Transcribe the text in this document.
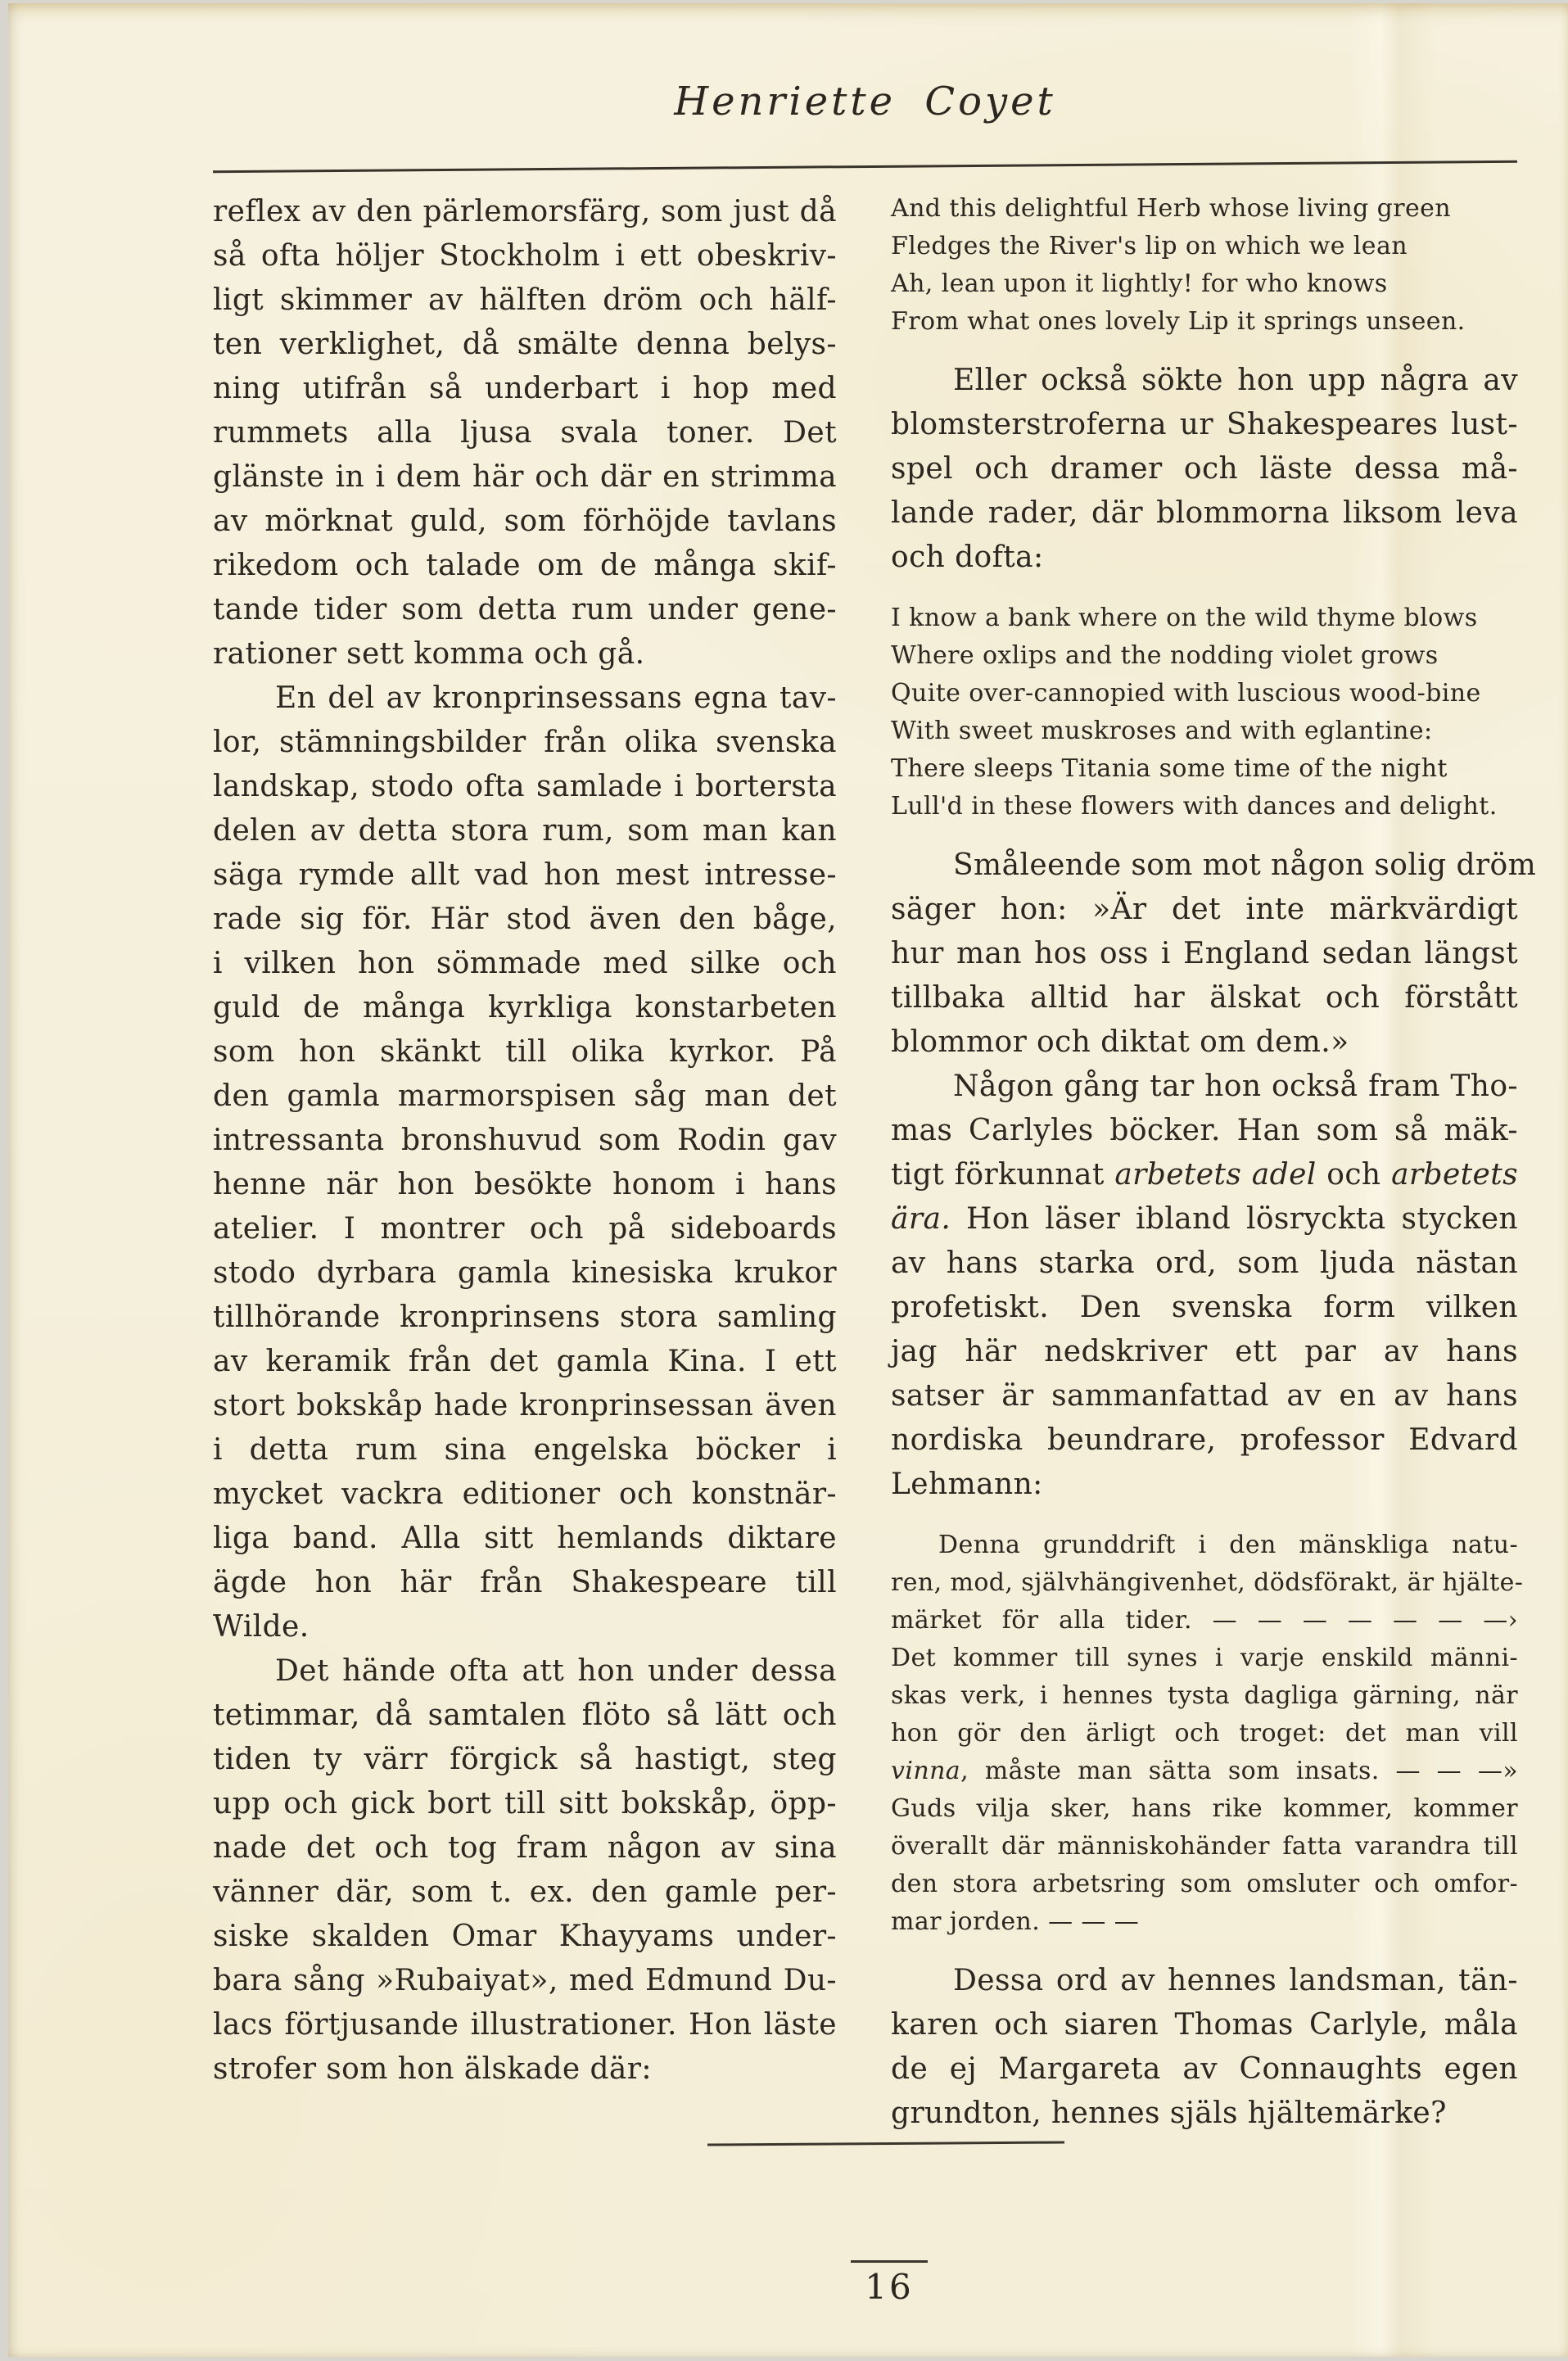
Henriette Coyet
reflex av den pärlemorsfärg, som just då
så ofta höljer Stockholm i ett obeskriv-
ligt skimmer av hälften dröm och hälf-
ten verklighet, då smälte denna belys-
ning utifrån så underbart i hop med
rummets alla ljusa svala toner. Det
glänste in i dem här och där en strimma
av mörknat guld, som förhöjde tavlans
rikedom och talade om de många skif-
tande tider som detta rum under gene-
rationer sett komma och gå.
En del av kronprinsessans egna tav-
lor, stämningsbilder från olika svenska
landskap, stodo ofta samlade i bortersta
delen av detta stora rum, som man kan
säga rymde allt vad hon mest intresse-
rade sig för. Här stod även den båge,
i vilken hon sömmade med silke och
guld de många kyrkliga konstarbeten
som hon skänkt till olika kyrkor. På
den gamla marmorspisen såg man det
intressanta bronshuvud som Rodin gav
henne när hon besökte honom i hans
atelier. I montrer och på sideboards
stodo dyrbara gamla kinesiska krukor
tillhörande kronprinsens stora samling
av keramik från det gamla Kina. I ett
stort bokskåp hade kronprinsessan även
i detta rum sina engelska böcker i
mycket vackra editioner och konstnär-
liga band. Alla sitt hemlands diktare
ägde hon här från Shakespeare till
Wilde.
Det hände ofta att hon under dessa
tetimmar, då samtalen flöto så lätt och
tiden ty värr förgick så hastigt, steg
upp och gick bort till sitt bokskåp, öpp-
nade det och tog fram någon av sina
vänner där, som t. ex. den gamle per-
siske skalden Omar Khayyams under-
bara sång »Rubaiyat», med Edmund Du-
lacs förtjusande illustrationer. Hon läste
strofer som hon älskade där:
And this delightful Herb whose living green
Fledges the River's lip on which we lean
Ah, lean upon it lightly! for who knows
From what ones lovely Lip it springs unseen.
Eller också sökte hon upp några av
blomsterstroferna ur Shakespeares lust-
spel och dramer och läste dessa må-
lande rader, där blommorna liksom leva
och dofta:
I know a bank where on the wild thyme blows
Where oxlips and the nodding violet grows
Quite over-cannopied with luscious wood-bine
With sweet muskroses and with eglantine:
There sleeps Titania some time of the night
Lull'd in these flowers with dances and delight.
Småleende som mot någon solig dröm
säger hon: »Är det inte märkvärdigt
hur man hos oss i England sedan längst
tillbaka alltid har älskat och förstått
blommor och diktat om dem.»
Någon gång tar hon också fram Tho-
mas Carlyles böcker. Han som så mäk-
tigt förkunnat arbetets adel och arbetets
ära. Hon läser ibland lösryckta stycken
av hans starka ord, som ljuda nästan
profetiskt. Den svenska form vilken
jag här nedskriver ett par av hans
satser är sammanfattad av en av hans
nordiska beundrare, professor Edvard
Lehmann:
Denna grunddrift i den mänskliga natu-
ren, mod, självhängivenhet, dödsförakt, är hjälte-
märket för alla tider. — — — — — — —›
Det kommer till synes i varje enskild männi-
skas verk, i hennes tysta dagliga gärning, när
hon gör den ärligt och troget: det man vill
vinna, måste man sätta som insats. — — —»
Guds vilja sker, hans rike kommer, kommer
överallt där människohänder fatta varandra till
den stora arbetsring som omsluter och omfor-
mar jorden. — — —
Dessa ord av hennes landsman, tän-
karen och siaren Thomas Carlyle, måla
de ej Margareta av Connaughts egen
grundton, hennes själs hjältemärke?
16
